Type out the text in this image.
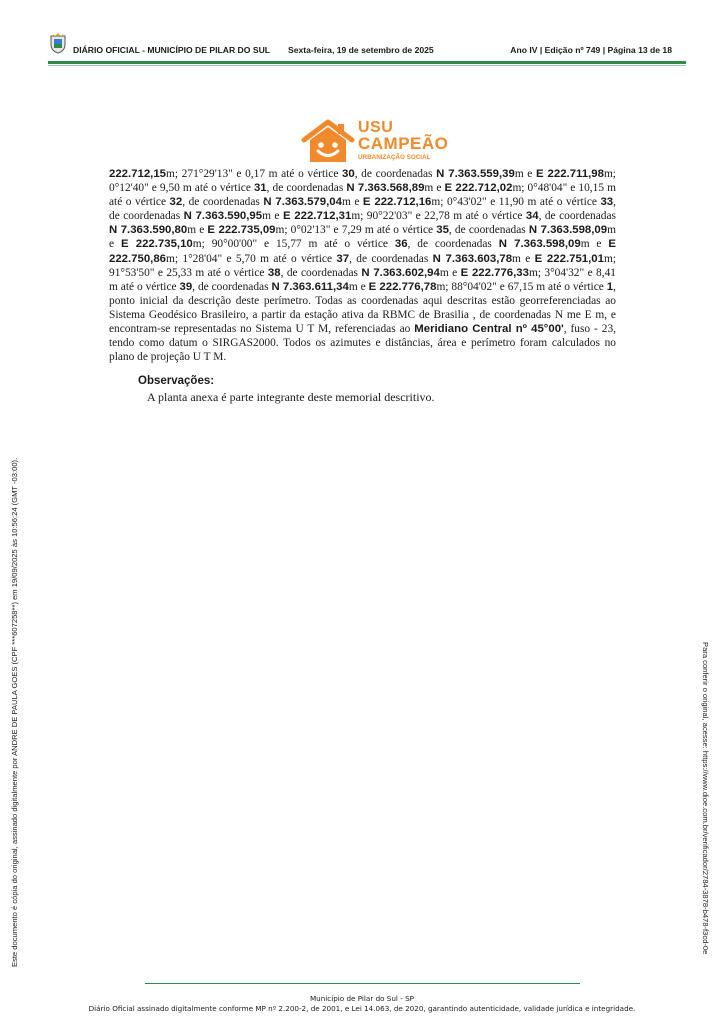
DIÁRIO OFICIAL - MUNICÍPIO DE PILAR DO SUL Sexta-feira, 19 de setembro de 2025	Ano IV | Edição nº 749 | Página 13 de 18
USU
CAMPEÃO
URBANIZAÇÃO SOCIAL
222.712,15m; 271°29'13" e 0,17 m até o vértice 30, de coordenadas N 7.363.559,39m e E 222.711,98m; 0°12'40" e 9,50 m até o vértice 31, de coordenadas N 7.363.568,89m e E 222.712,02m; 0°48'04" e 10,15 m até o vértice 32, de coordenadas N 7.363.579,04m e E 222.712,16m; 0°43'02" e 11,90 m até o vértice 33, de coordenadas N 7.363.590,95m e E 222.712,31m; 90°22'03" e 22,78 m até o vértice 34, de coordenadas N 7.363.590,80m e E 222.735,09m; 0°02'13" e 7,29 m até o vértice 35, de coordenadas N 7.363.598,09m e E 222.735,10m; 90°00'00" e 15,77 m até o vértice 36, de coordenadas N 7.363.598,09m e E 222.750,86m; 1°28'04" e 5,70 m até o vértice 37, de coordenadas N 7.363.603,78m e E 222.751,01m; 91°53'50" e 25,33 m até o vértice 38, de coordenadas N 7.363.602,94m e E 222.776,33m; 3°04'32" e 8,41 m até o vértice 39, de coordenadas N 7.363.611,34m e E 222.776,78m; 88°04'02" e 67,15 m até o vértice 1, ponto inicial da descrição deste perímetro. Todas as coordenadas aqui descritas estão georreferenciadas ao Sistema Geodésico Brasileiro, a partir da estação ativa da RBMC de Brasilia , de coordenadas N me E m, e encontram-se representadas no Sistema U T M, referenciadas ao Meridiano Central nº 45°00', fuso - 23, tendo como datum o SIRGAS2000. Todos os azimutes e distâncias, área e perímetro foram calculados no plano de projeção U T M.
Observações:
A planta anexa é parte integrante deste memorial descritivo.
Este documento é cópia do original, assinado digitalmente por ANDRE DE PAULA GOES (CPF ***607258**) em 19/09/2025 às 10:56:24 (GMT -03:00).	Para conferir o original, acesse: https://www.dioe.com.br/verificador/2784-3878-b478-f3cd-0e
Município de Pilar do Sul - SP
Diário Oficial assinado digitalmente conforme MP nº 2.200-2, de 2001, e Lei 14.063, de 2020, garantindo autenticidade, validade jurídica e integridade.
